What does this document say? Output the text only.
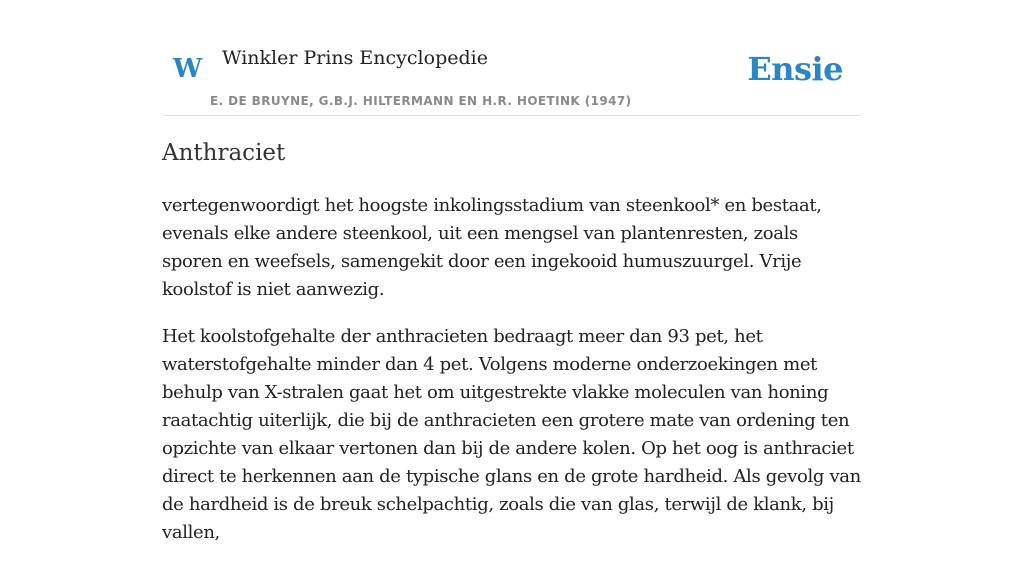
W Winkler Prins Encyclopedie
E. DE BRUYNE, G.B.J. HILTERMANN EN H.R. HOETINK (1947)
Ensie
Anthraciet

vertegenwoordigt het hoogste inkolingsstadium van steenkool* en bestaat, evenals elke andere steenkool, uit een mengsel van plantenresten, zoals sporen en weefsels, samengekit door een ingekooid humuszuurgel. Vrije koolstof is niet aanwezig.

Het koolstofgehalte der anthracieten bedraagt meer dan 93 pet, het waterstofgehalte minder dan 4 pet. Volgens moderne onderzoekingen met behulp van X-stralen gaat het om uitgestrekte vlakke moleculen van honing raatachtig uiterlijk, die bij de anthracieten een grotere mate van ordening ten opzichte van elkaar vertonen dan bij de andere kolen. Op het oog is anthraciet direct te herkennen aan de typische glans en de grote hardheid. Als gevolg van de hardheid is de breuk schelpachtig, zoals die van glas, terwijl de klank, bij vallen,
